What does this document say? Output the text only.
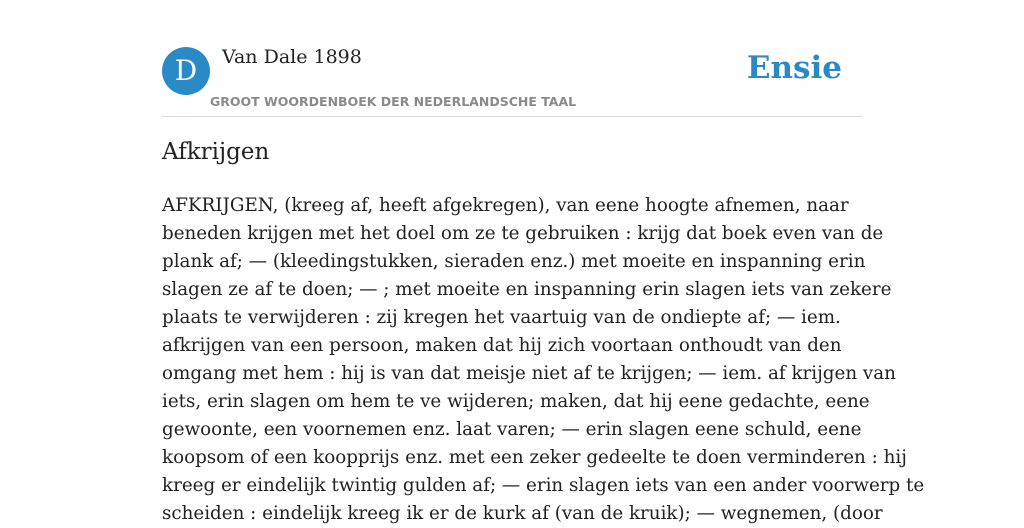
D	Van Dale 1898
GROOT WOORDENBOEK DER NEDERLANDSCHE TAAL
Ensie
Afkrijgen

AFKRIJGEN, (kreeg af, heeft afgekregen), van eene hoogte afnemen, naar
beneden krijgen met het doel om ze te gebruiken : krijg dat boek even van de
plank af; — (kleedingstukken, sieraden enz.) met moeite en inspanning erin
slagen ze af te doen; — ; met moeite en inspanning erin slagen iets van zekere
plaats te verwijderen : zij kregen het vaartuig van de ondiepte af; — iem.
afkrijgen van een persoon, maken dat hij zich voortaan onthoudt van den
omgang met hem : hij is van dat meisje niet af te krijgen; — iem. af krijgen van
iets, erin slagen om hem te ve wijderen; maken, dat hij eene gedachte, eene
gewoonte, een voornemen enz. laat varen; — erin slagen eene schuld, eene
koopsom of een koopprijs enz. met een zeker gedeelte te doen verminderen : hij
kreeg er eindelijk twintig gulden af; — erin slagen iets van een ander voorwerp te
scheiden : eindelijk kreeg ik er de kurk af (van de kruik); — wegnemen, (door
